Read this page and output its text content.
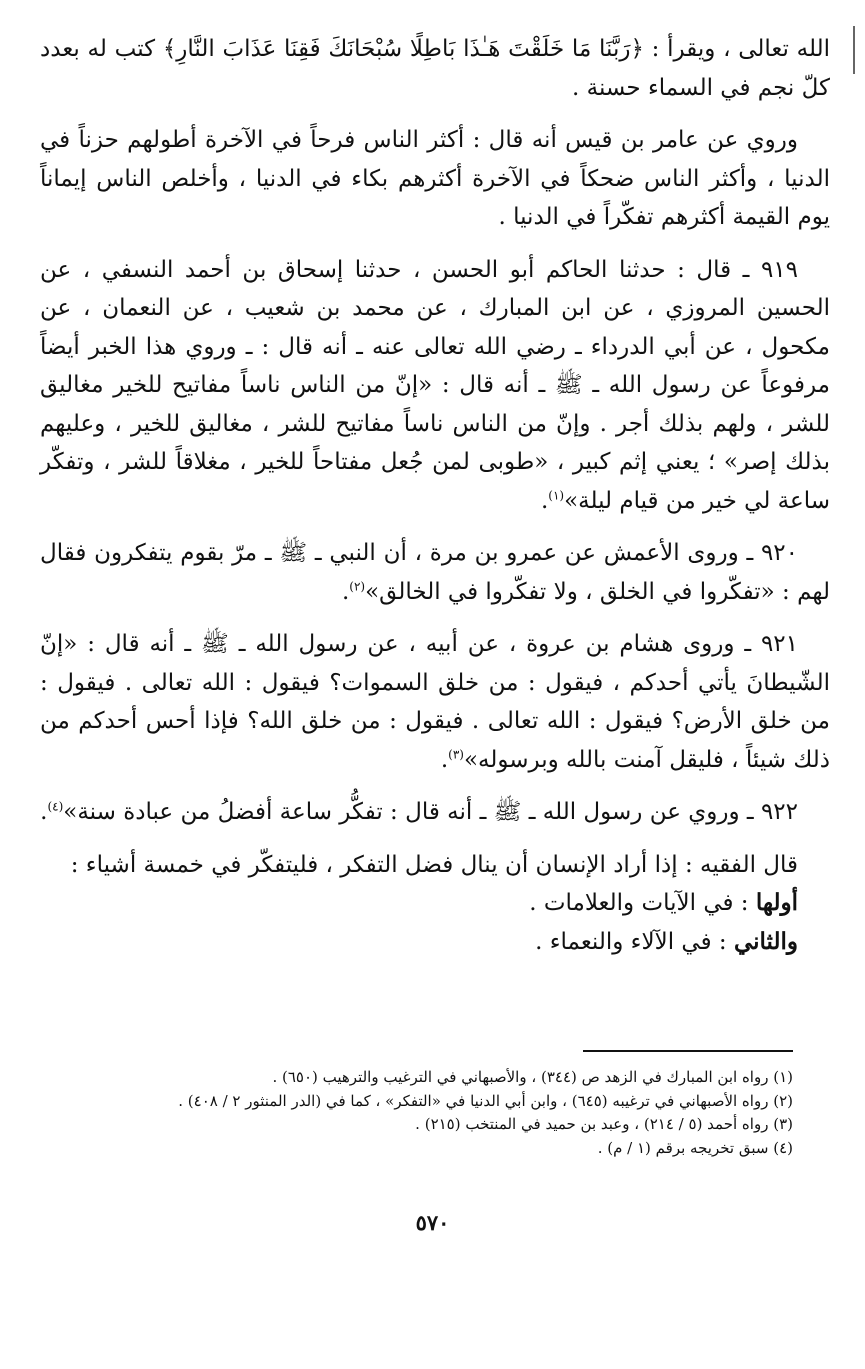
الله تعالى ، ويقرأ : ﴿رَبَّنَا مَا خَلَقْتَ هَـٰذَا بَاطِلًا سُبْحَانَكَ فَقِنَا عَذَابَ النَّارِ﴾ كتب له بعدد كلّ نجم في السماء حسنة .

وروي عن عامر بن قيس أنه قال : أكثر الناس فرحاً في الآخرة أطولهم حزناً في الدنيا ، وأكثر الناس ضحكاً في الآخرة أكثرهم بكاء في الدنيا ، وأخلص الناس إيماناً يوم القيمة أكثرهم تفكّراً في الدنيا .

٩١٩ ـ قال : حدثنا الحاكم أبو الحسن ، حدثنا إسحاق بن أحمد النسفي ، عن الحسين المروزي ، عن ابن المبارك ، عن محمد بن شعيب ، عن النعمان ، عن مكحول ، عن أبي الدرداء ـ رضي الله تعالى عنه ـ أنه قال : ـ وروي هذا الخبر أيضاً مرفوعاً عن رسول الله ـ ﷺ ـ أنه قال : «إنّ من الناس ناساً مفاتيح للخير مغاليق للشر ، ولهم بذلك أجر . وإنّ من الناس ناساً مفاتيح للشر ، مغاليق للخير ، وعليهم بذلك إصر» ؛ يعني إثم كبير ، «طوبى لمن جُعل مفتاحاً للخير ، مغلاقاً للشر ، وتفكّر ساعة لي خير من قيام ليلة»$^{(١)}$.

٩٢٠ ـ وروى الأعمش عن عمرو بن مرة ، أن النبي ـ ﷺ ـ مرّ بقوم يتفكرون فقال لهم : «تفكّروا في الخلق ، ولا تفكّروا في الخالق»$^{(٢)}$.

٩٢١ ـ وروى هشام بن عروة ، عن أبيه ، عن رسول الله ـ ﷺ ـ أنه قال : «إنّ الشّيطانَ يأتي أحدكم ، فيقول : من خلق السموات؟ فيقول : الله تعالى . فيقول : من خلق الأرض؟ فيقول : الله تعالى . فيقول : من خلق الله؟ فإذا أحس أحدكم من ذلك شيئاً ، فليقل آمنت بالله وبرسوله»$^{(٣)}$.

٩٢٢ ـ وروي عن رسول الله ـ ﷺ ـ أنه قال : تفكُّر ساعة أفضلُ من عبادة سنة»$^{(٤)}$.

قال الفقيه : إذا أراد الإنسان أن ينال فضل التفكر ، فليتفكّر في خمسة أشياء :
أولها : في الآيات والعلامات .
والثاني : في الآلاء والنعماء .
(١) رواه ابن المبارك في الزهد ص (٣٤٤) ، والأصبهاني في الترغيب والترهيب (٦٥٠) .
(٢) رواه الأصبهاني في ترغيبه (٦٤٥) ، وابن أبي الدنيا في «التفكر» ، كما في (الدر المنثور ٢ / ٤٠٨) .
(٣) رواه أحمد (٥ / ٢١٤) ، وعبد بن حميد في المنتخب (٢١٥) .
(٤) سبق تخريجه برقم (١ / م) .
٥٧٠
